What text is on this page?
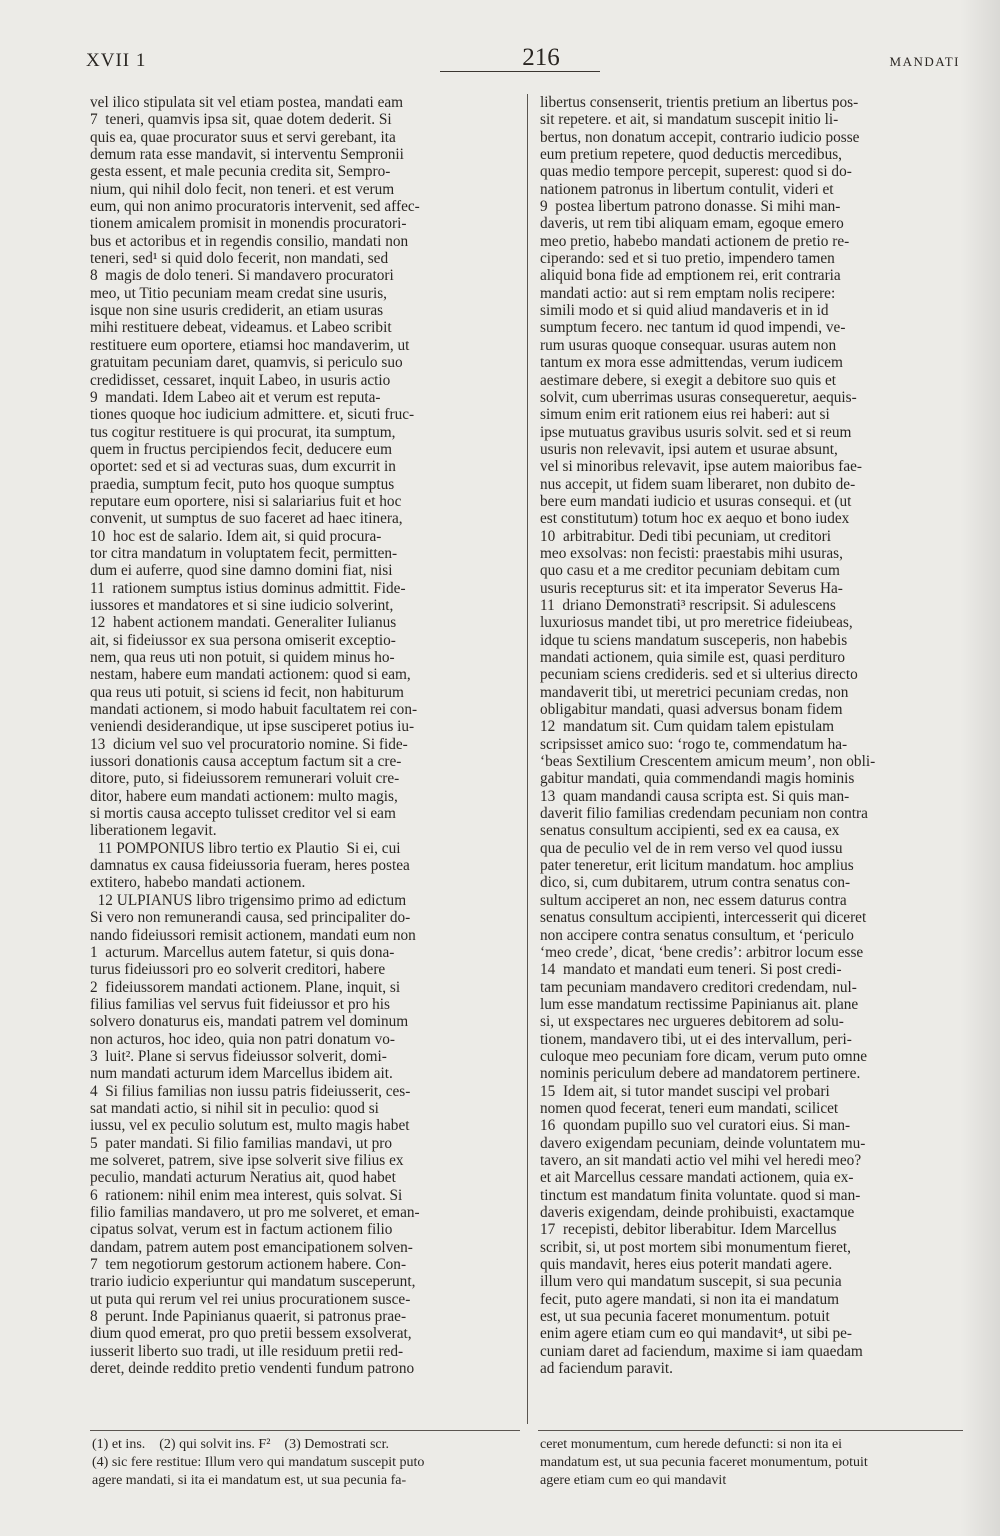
XVII 1	216	MANDATI
vel ilico stipulata sit vel etiam postea, mandati eam
7  teneri, quamvis ipsa sit, quae dotem dederit. Si
quis ea, quae procurator suus et servi gerebant, ita
demum rata esse mandavit, si interventu Sempronii
gesta essent, et male pecunia credita sit, Sempro-
nium, qui nihil dolo fecit, non teneri. et est verum
eum, qui non animo procuratoris intervenit, sed affec-
tionem amicalem promisit in monendis procuratori-
bus et actoribus et in regendis consilio, mandati non
teneri, sed¹ si quid dolo fecerit, non mandati, sed
8  magis de dolo teneri. Si mandavero procuratori
meo, ut Titio pecuniam meam credat sine usuris,
isque non sine usuris crediderit, an etiam usuras
mihi restituere debeat, videamus. et Labeo scribit
restituere eum oportere, etiamsi hoc mandaverim, ut
gratuitam pecuniam daret, quamvis, si periculo suo
credidisset, cessaret, inquit Labeo, in usuris actio
9  mandati. Idem Labeo ait et verum est reputa-
tiones quoque hoc iudicium admittere. et, sicuti fruc-
tus cogitur restituere is qui procurat, ita sumptum,
quem in fructus percipiendos fecit, deducere eum
oportet: sed et si ad vecturas suas, dum excurrit in
praedia, sumptum fecit, puto hos quoque sumptus
reputare eum oportere, nisi si salariarius fuit et hoc
convenit, ut sumptus de suo faceret ad haec itinera,
10  hoc est de salario. Idem ait, si quid procura-
tor citra mandatum in voluptatem fecit, permitten-
dum ei auferre, quod sine damno domini fiat, nisi
11  rationem sumptus istius dominus admittit. Fide-
iussores et mandatores et si sine iudicio solverint,
12  habent actionem mandati. Generaliter Iulianus
ait, si fideiussor ex sua persona omiserit exceptio-
nem, qua reus uti non potuit, si quidem minus ho-
nestam, habere eum mandati actionem: quod si eam,
qua reus uti potuit, si sciens id fecit, non habiturum
mandati actionem, si modo habuit facultatem rei con-
veniendi desiderandique, ut ipse susciperet potius iu-
13  dicium vel suo vel procuratorio nomine. Si fide-
iussori donationis causa acceptum factum sit a cre-
ditore, puto, si fideiussorem remunerari voluit cre-
ditor, habere eum mandati actionem: multo magis,
si mortis causa accepto tulisset creditor vel si eam
liberationem legavit.
11 POMPONIUS libro tertio ex Plautio  Si ei, cui
damnatus ex causa fideiussoria fueram, heres postea
extitero, habebo mandati actionem.
12 ULPIANUS libro trigensimo primo ad edictum
Si vero non remunerandi causa, sed principaliter do-
nando fideiussori remisit actionem, mandati eum non
1  acturum. Marcellus autem fatetur, si quis dona-
turus fideiussori pro eo solverit creditori, habere
2  fideiussorem mandati actionem. Plane, inquit, si
filius familias vel servus fuit fideiussor et pro his
solvero donaturus eis, mandati patrem vel dominum
non acturos, hoc ideo, quia non patri donatum vo-
3  luit². Plane si servus fideiussor solverit, domi-
num mandati acturum idem Marcellus ibidem ait.
4  Si filius familias non iussu patris fideiusserit, ces-
sat mandati actio, si nihil sit in peculio: quod si
iussu, vel ex peculio solutum est, multo magis habet
5  pater mandati. Si filio familias mandavi, ut pro
me solveret, patrem, sive ipse solverit sive filius ex
peculio, mandati acturum Neratius ait, quod habet
6  rationem: nihil enim mea interest, quis solvat. Si
filio familias mandavero, ut pro me solveret, et eman-
cipatus solvat, verum est in factum actionem filio
dandam, patrem autem post emancipationem solven-
7  tem negotiorum gestorum actionem habere. Con-
trario iudicio experiuntur qui mandatum susceperunt,
ut puta qui rerum vel rei unius procurationem susce-
8  perunt. Inde Papinianus quaerit, si patronus prae-
dium quod emerat, pro quo pretii bessem exsolverat,
iusserit liberto suo tradi, ut ille residuum pretii red-
deret, deinde reddito pretio vendenti fundum patrono
libertus consenserit, trientis pretium an libertus pos-
sit repetere. et ait, si mandatum suscepit initio li-
bertus, non donatum accepit, contrario iudicio posse
eum pretium repetere, quod deductis mercedibus,
quas medio tempore percepit, superest: quod si do-
nationem patronus in libertum contulit, videri et
9  postea libertum patrono donasse. Si mihi man-
daveris, ut rem tibi aliquam emam, egoque emero
meo pretio, habebo mandati actionem de pretio re-
ciperando: sed et si tuo pretio, impendero tamen
aliquid bona fide ad emptionem rei, erit contraria
mandati actio: aut si rem emptam nolis recipere:
simili modo et si quid aliud mandaveris et in id
sumptum fecero. nec tantum id quod impendi, ve-
rum usuras quoque consequar. usuras autem non
tantum ex mora esse admittendas, verum iudicem
aestimare debere, si exegit a debitore suo quis et
solvit, cum uberrimas usuras consequeretur, aequis-
simum enim erit rationem eius rei haberi: aut si
ipse mutuatus gravibus usuris solvit. sed et si reum
usuris non relevavit, ipsi autem et usurae absunt,
vel si minoribus relevavit, ipse autem maioribus fae-
nus accepit, ut fidem suam liberaret, non dubito de-
bere eum mandati iudicio et usuras consequi. et (ut
est constitutum) totum hoc ex aequo et bono iudex
10  arbitrabitur. Dedi tibi pecuniam, ut creditori
meo exsolvas: non fecisti: praestabis mihi usuras,
quo casu et a me creditor pecuniam debitam cum
usuris recepturus sit: et ita imperator Severus Ha-
11  driano Demonstrati³ rescripsit. Si adulescens
luxuriosus mandet tibi, ut pro meretrice fideiubeas,
idque tu sciens mandatum susceperis, non habebis
mandati actionem, quia simile est, quasi perdituro
pecuniam sciens credideris. sed et si ulterius directo
mandaverit tibi, ut meretrici pecuniam credas, non
obligabitur mandati, quasi adversus bonam fidem
12  mandatum sit. Cum quidam talem epistulam
scripsisset amico suo: ‘rogo te, commendatum ha-
‘beas Sextilium Crescentem amicum meum’, non obli-
gabitur mandati, quia commendandi magis hominis
13  quam mandandi causa scripta est. Si quis man-
daverit filio familias credendam pecuniam non contra
senatus consultum accipienti, sed ex ea causa, ex
qua de peculio vel de in rem verso vel quod iussu
pater teneretur, erit licitum mandatum. hoc amplius
dico, si, cum dubitarem, utrum contra senatus con-
sultum acciperet an non, nec essem daturus contra
senatus consultum accipienti, intercesserit qui diceret
non accipere contra senatus consultum, et ‘periculo
‘meo crede’, dicat, ‘bene credis’: arbitror locum esse
14  mandato et mandati eum teneri. Si post credi-
tam pecuniam mandavero creditori credendam, nul-
lum esse mandatum rectissime Papinianus ait. plane
si, ut exspectares nec urgueres debitorem ad solu-
tionem, mandavero tibi, ut ei des intervallum, peri-
culoque meo pecuniam fore dicam, verum puto omne
nominis periculum debere ad mandatorem pertinere.
15  Idem ait, si tutor mandet suscipi vel probari
nomen quod fecerat, teneri eum mandati, scilicet
16  quondam pupillo suo vel curatori eius. Si man-
davero exigendam pecuniam, deinde voluntatem mu-
tavero, an sit mandati actio vel mihi vel heredi meo?
et ait Marcellus cessare mandati actionem, quia ex-
tinctum est mandatum finita voluntate. quod si man-
daveris exigendam, deinde prohibuisti, exactamque
17  recepisti, debitor liberabitur. Idem Marcellus
scribit, si, ut post mortem sibi monumentum fieret,
quis mandavit, heres eius poterit mandati agere.
illum vero qui mandatum suscepit, si sua pecunia
fecit, puto agere mandati, si non ita ei mandatum
est, ut sua pecunia faceret monumentum. potuit
enim agere etiam cum eo qui mandavit⁴, ut sibi pe-
cuniam daret ad faciendum, maxime si iam quaedam
ad faciendum paravit.
(1) et ins.    (2) qui solvit ins. F²    (3) Demostrati scr.
(4) sic fere restitue: Illum vero qui mandatum suscepit puto
agere mandati, si ita ei mandatum est, ut sua pecunia fa-
ceret monumentum, cum herede defuncti: si non ita ei
mandatum est, ut sua pecunia faceret monumentum, potuit
agere etiam cum eo qui mandavit
